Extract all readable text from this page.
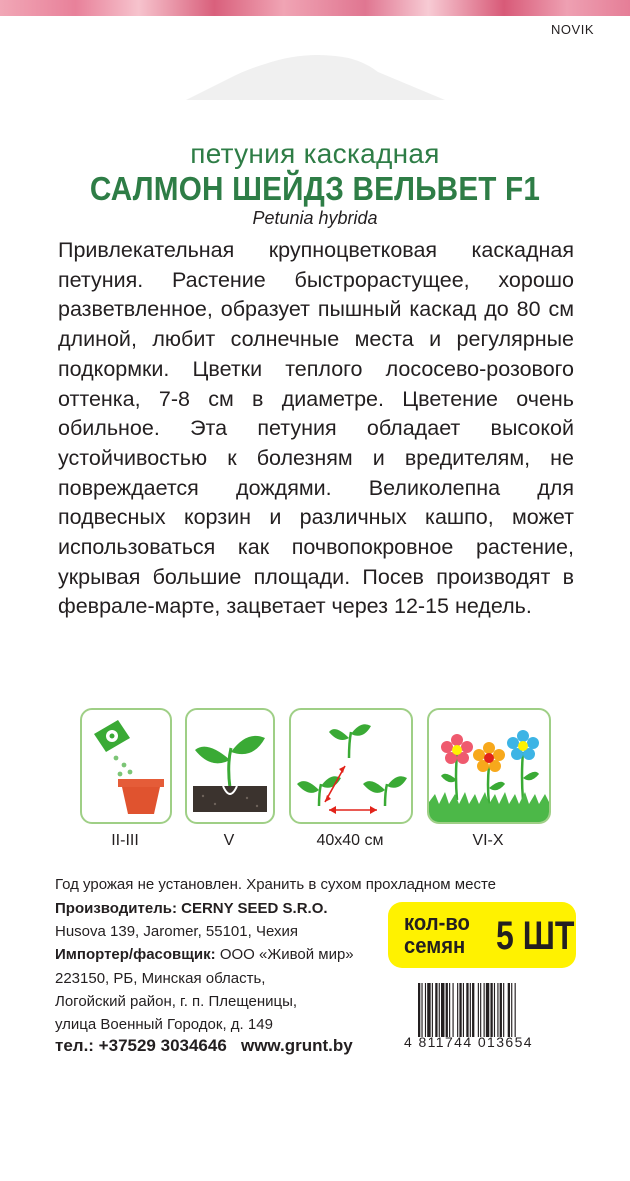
NOVIK
петуния каскадная
САЛМОН ШЕЙДЗ ВЕЛЬВЕТ F1
Petunia hybrida
Привлекательная крупноцветковая каскадная петуния. Растение быстрорастущее, хорошо разветвленное, образует пышный каскад до 80 см длиной, любит солнечные места и регулярные подкормки. Цветки теплого лососево-розового оттенка, 7-8 см в диаметре. Цветение очень обильное. Эта петуния обладает высокой устойчивостью к болезням и вредителям, не повреждается дождями. Великолепна для подвесных корзин и различных кашпо, может использоваться как почвопокровное растение, укрывая большие площади. Посев производят в феврале-марте, зацветает через 12-15 недель.
II-III	V	40x40 см	VI-X
Год урожая не установлен. Хранить в сухом прохладном месте
Производитель: CERNY SEED S.R.O.
Husova 139, Jaromer, 55101, Чехия
Импортер/фасовщик: ООО «Живой мир»
223150, РБ, Минская область,
Логойский район, г. п. Плещеницы,
улица Военный Городок, д. 149
тел.: +37529 3034646 www.grunt.by
кол-во
семян 5 ШТ
4 811744 013654
